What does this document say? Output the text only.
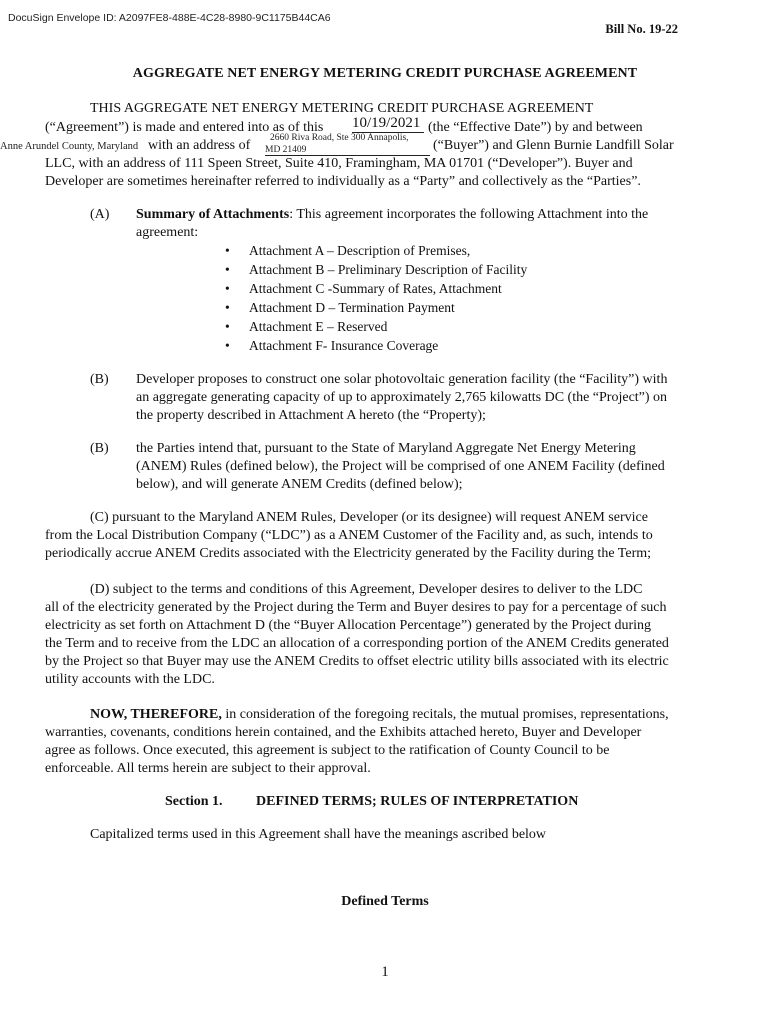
DocuSign Envelope ID: A2097FE8-488E-4C28-8980-9C1175B44CA6
Bill No. 19-22
AGGREGATE NET ENERGY METERING CREDIT PURCHASE AGREEMENT
THIS AGGREGATE NET ENERGY METERING CREDIT PURCHASE AGREEMENT
(“Agreement”) is made and entered into as of this 10/19/2021 (the “Effective Date”) by and between
Anne Arundel County, Maryland with an address of 2660 Riva Road, Ste 300 Annapolis,
MD 21409	(“Buyer”) and Glenn Burnie Landfill Solar
LLC, with an address of 111 Speen Street, Suite 410, Framingham, MA 01701 (“Developer”). Buyer and
Developer are sometimes hereinafter referred to individually as a “Party” and collectively as the “Parties”.
(A) Summary of Attachments: This agreement incorporates the following Attachment into the
agreement:
• Attachment A – Description of Premises,
• Attachment B – Preliminary Description of Facility
• Attachment C -Summary of Rates, Attachment
• Attachment D – Termination Payment
• Attachment E – Reserved
• Attachment F- Insurance Coverage
(B) Developer proposes to construct one solar photovoltaic generation facility (the “Facility”) with
an aggregate generating capacity of up to approximately 2,765 kilowatts DC (the “Project”) on
the property described in Attachment A hereto (the “Property);
(B) the Parties intend that, pursuant to the State of Maryland Aggregate Net Energy Metering
(ANEM) Rules (defined below), the Project will be comprised of one ANEM Facility (defined
below), and will generate ANEM Credits (defined below);
(C) pursuant to the Maryland ANEM Rules, Developer (or its designee) will request ANEM service
from the Local Distribution Company (“LDC”) as a ANEM Customer of the Facility and, as such, intends to
periodically accrue ANEM Credits associated with the Electricity generated by the Facility during the Term;
(D) subject to the terms and conditions of this Agreement, Developer desires to deliver to the LDC
all of the electricity generated by the Project during the Term and Buyer desires to pay for a percentage of such
electricity as set forth on Attachment D (the “Buyer Allocation Percentage”) generated by the Project during
the Term and to receive from the LDC an allocation of a corresponding portion of the ANEM Credits generated
by the Project so that Buyer may use the ANEM Credits to offset electric utility bills associated with its electric
utility accounts with the LDC.
NOW, THEREFORE, in consideration of the foregoing recitals, the mutual promises, representations,
warranties, covenants, conditions herein contained, and the Exhibits attached hereto, Buyer and Developer
agree as follows. Once executed, this agreement is subject to the ratification of County Council to be
enforceable. All terms herein are subject to their approval.
Section 1. DEFINED TERMS; RULES OF INTERPRETATION
Capitalized terms used in this Agreement shall have the meanings ascribed below
Defined Terms
1
